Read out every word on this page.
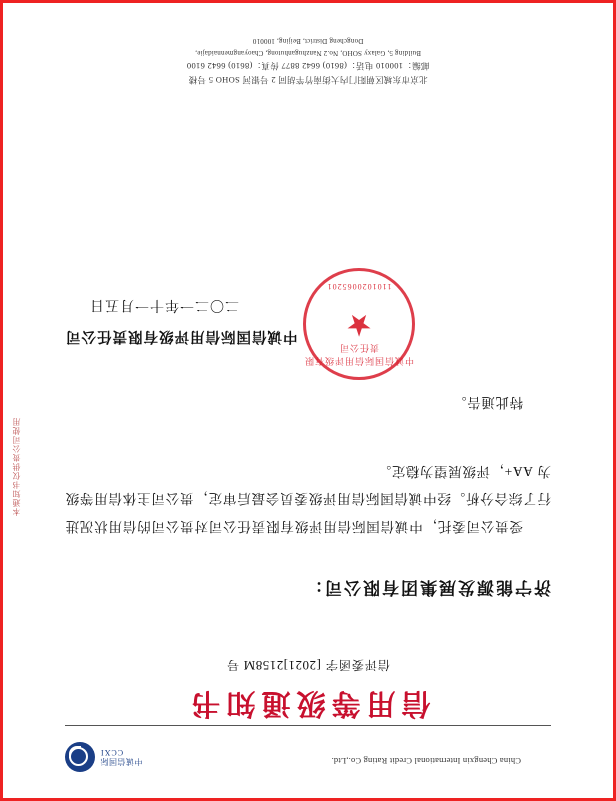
China Chengxin International Credit Rating Co.,Ltd.
中诚信国际
CCXI
信用等级通知书
信评委函字 [2021]2158M 号
济宁能源发展集团有限公司：
受贵公司委托，中诚信国际信用评级有限责任公司对贵公司的信用状况进行了综合分析。经中诚信国际信用评级委员会最后审定，贵公司主体信用等级为 AA+，评级展望为稳定。
特此通告。
中诚信国际信用评级有限责任公司
★
1101020065201
中诚信国际信用评级有限责任公司
二〇二一年十一月五日
本通知书仅供贵公司使用
北京市东城区朝阳门内大街南竹竿胡同 2 号银河 SOHO 5 号楼
邮编：100010 电话：(8610) 6642 8877 传真：(8610) 6642 6100
Building 5, Galaxy SOHO, No.2 Nanzhuganhutong, Chaoyangmennaidajie,
Dongcheng District, Beijing, 100010
